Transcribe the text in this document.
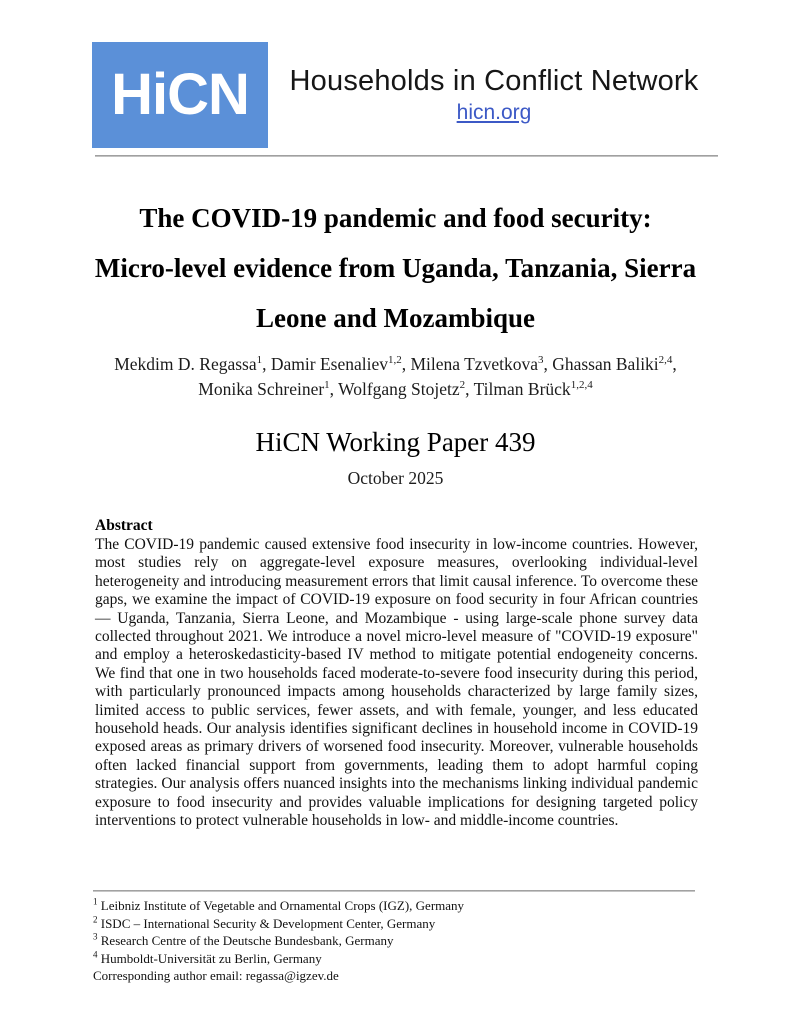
HiCN Households in Conflict Network
hicn.org
The COVID-19 pandemic and food security:
Micro-level evidence from Uganda, Tanzania, Sierra
Leone and Mozambique
Mekdim D. Regassa$^1$, Damir Esenaliev$^{1,2}$, Milena Tzvetkova$^3$, Ghassan Baliki$^{2,4}$,
Monika Schreiner$^1$, Wolfgang Stojetz$^2$, Tilman Brück$^{1,2,4}$
HiCN Working Paper 439
October 2025
Abstract
The COVID-19 pandemic caused extensive food insecurity in low-income countries. However, most studies rely on aggregate-level exposure measures, overlooking individual-level heterogeneity and introducing measurement errors that limit causal inference. To overcome these gaps, we examine the impact of COVID-19 exposure on food security in four African countries — Uganda, Tanzania, Sierra Leone, and Mozambique - using large-scale phone survey data collected throughout 2021. We introduce a novel micro-level measure of "COVID-19 exposure" and employ a heteroskedasticity-based IV method to mitigate potential endogeneity concerns. We find that one in two households faced moderate-to-severe food insecurity during this period, with particularly pronounced impacts among households characterized by large family sizes, limited access to public services, fewer assets, and with female, younger, and less educated household heads. Our analysis identifies significant declines in household income in COVID-19 exposed areas as primary drivers of worsened food insecurity. Moreover, vulnerable households often lacked financial support from governments, leading them to adopt harmful coping strategies. Our analysis offers nuanced insights into the mechanisms linking individual pandemic exposure to food insecurity and provides valuable implications for designing targeted policy interventions to protect vulnerable households in low- and middle-income countries.
$^1$ Leibniz Institute of Vegetable and Ornamental Crops (IGZ), Germany
$^2$ ISDC – International Security & Development Center, Germany
$^3$ Research Centre of the Deutsche Bundesbank, Germany
$^4$ Humboldt-Universität zu Berlin, Germany
Corresponding author email: regassa@igzev.de
